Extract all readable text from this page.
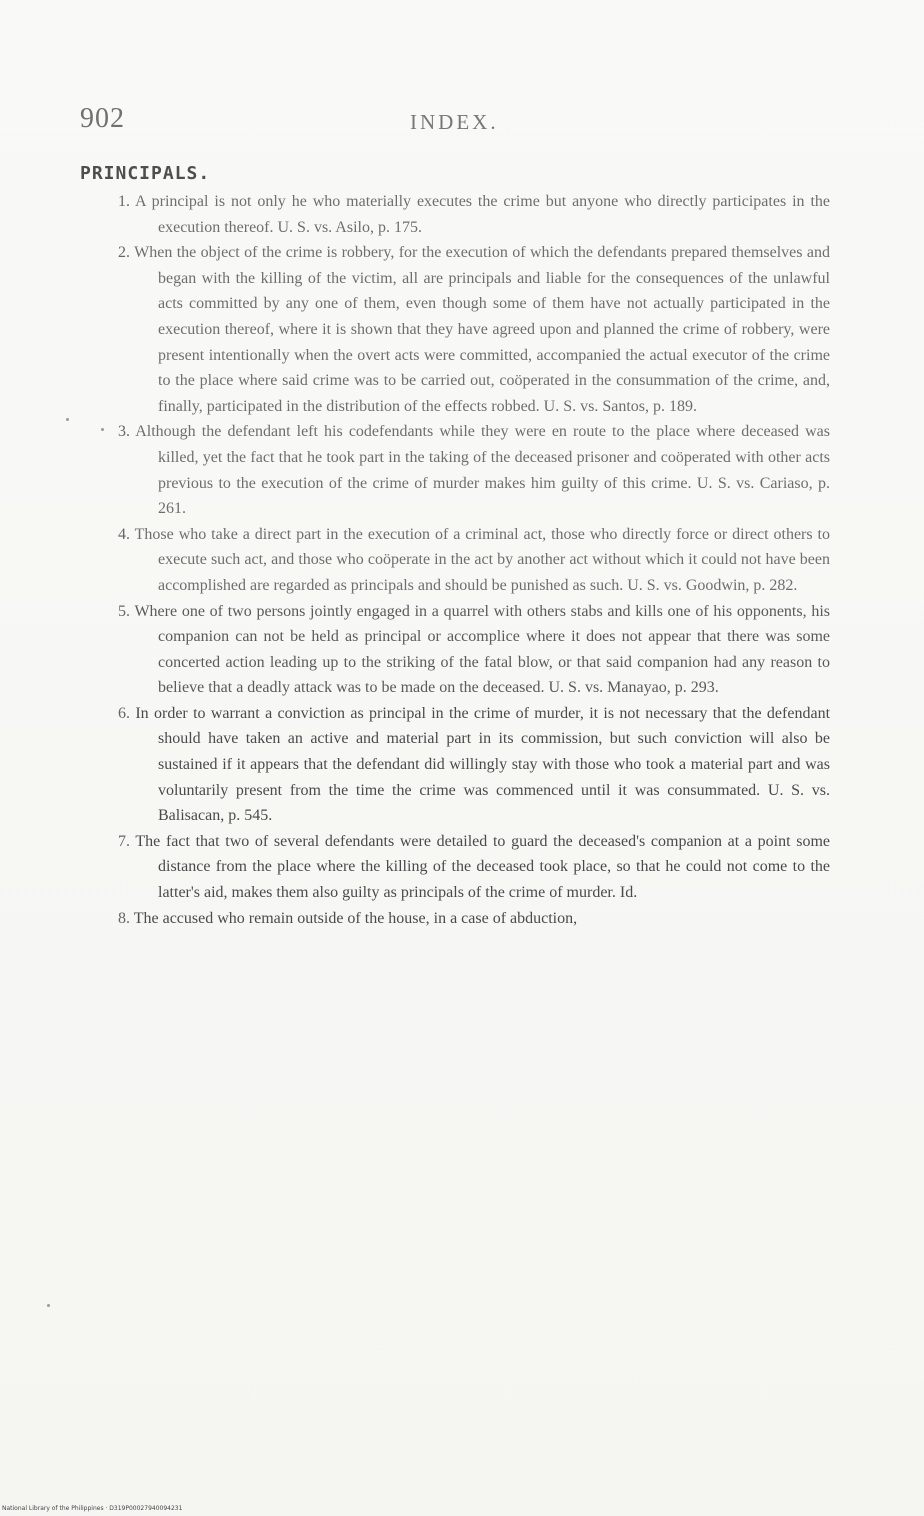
902	INDEX.
PRINCIPALS.
1. A principal is not only he who materially executes the crime but anyone who directly participates in the execution thereof. U. S. vs. Asilo, p. 175.
2. When the object of the crime is robbery, for the execution of which the defendants prepared themselves and began with the killing of the victim, all are principals and liable for the consequences of the unlawful acts committed by any one of them, even though some of them have not actually participated in the execution thereof, where it is shown that they have agreed upon and planned the crime of robbery, were present intentionally when the overt acts were committed, accompanied the actual executor of the crime to the place where said crime was to be carried out, coöperated in the consummation of the crime, and, finally, participated in the distribution of the effects robbed. U. S. vs. Santos, p. 189.
3. Although the defendant left his codefendants while they were en route to the place where deceased was killed, yet the fact that he took part in the taking of the deceased prisoner and coöperated with other acts previous to the execution of the crime of murder makes him guilty of this crime. U. S. vs. Cariaso, p. 261.
4. Those who take a direct part in the execution of a criminal act, those who directly force or direct others to execute such act, and those who coöperate in the act by another act without which it could not have been accomplished are regarded as principals and should be punished as such. U. S. vs. Goodwin, p. 282.
5. Where one of two persons jointly engaged in a quarrel with others stabs and kills one of his opponents, his companion can not be held as principal or accomplice where it does not appear that there was some concerted action leading up to the striking of the fatal blow, or that said companion had any reason to believe that a deadly attack was to be made on the deceased. U. S. vs. Manayao, p. 293.
6. In order to warrant a conviction as principal in the crime of murder, it is not necessary that the defendant should have taken an active and material part in its commission, but such conviction will also be sustained if it appears that the defendant did willingly stay with those who took a material part and was voluntarily present from the time the crime was commenced until it was consummated. U. S. vs. Balisacan, p. 545.
7. The fact that two of several defendants were detailed to guard the deceased's companion at a point some distance from the place where the killing of the deceased took place, so that he could not come to the latter's aid, makes them also guilty as principals of the crime of murder. Id.
8. The accused who remain outside of the house, in a case of abduction,
National Library of the Philippines · D319P00027940094231
